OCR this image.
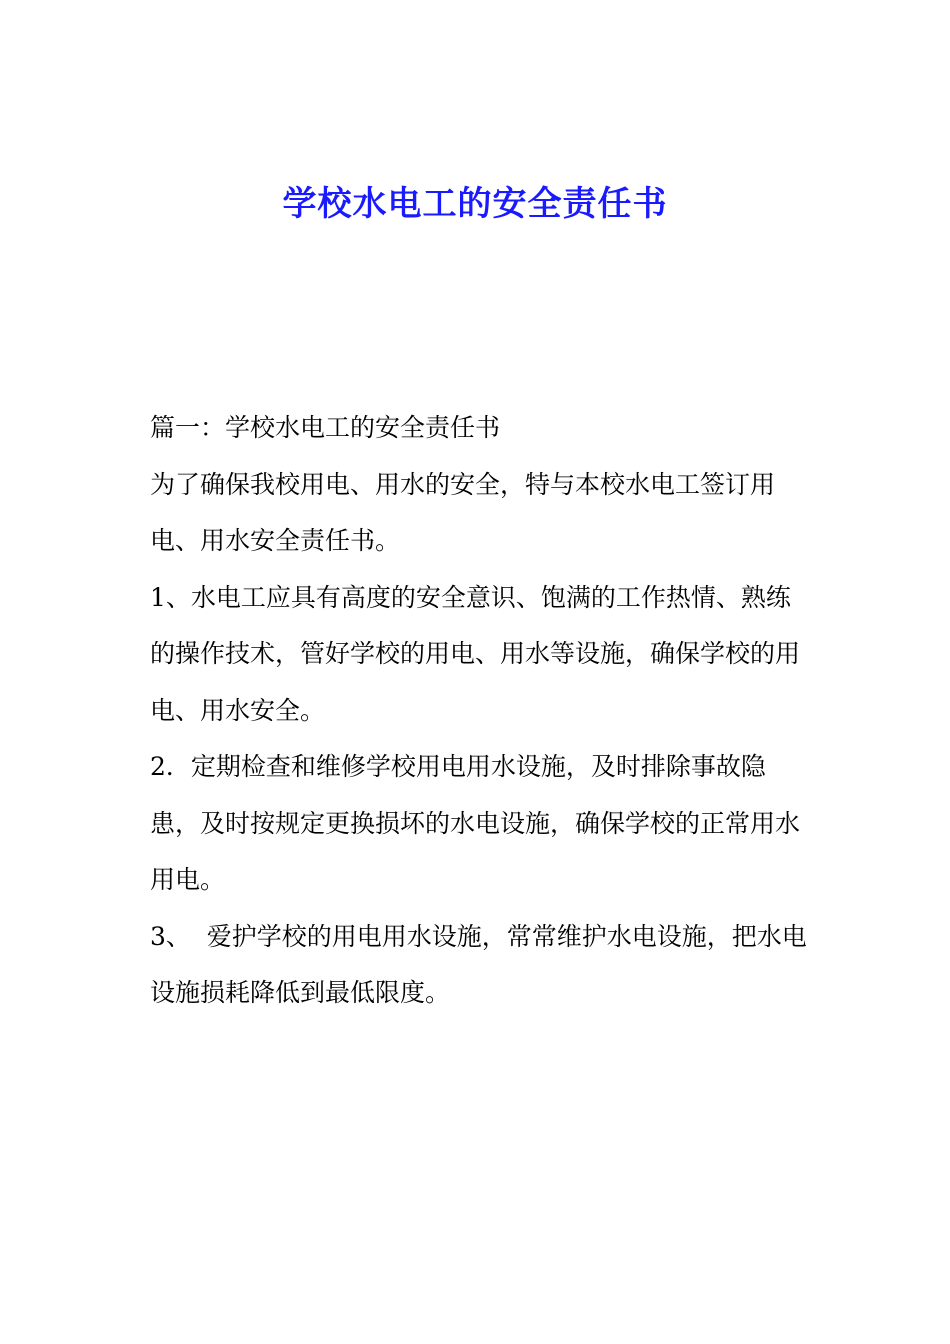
学校水电工的安全责任书

篇一：学校水电工的安全责任书

为了确保我校用电、用水的安全，特与本校水电工签订用电、用水安全责任书。

1、水电工应具有高度的安全意识、饱满的工作热情、熟练的操作技术，管好学校的用电、用水等设施，确保学校的用电、用水安全。

2．定期检查和维修学校用电用水设施，及时排除事故隐患，及时按规定更换损坏的水电设施，确保学校的正常用水用电。

3、  爱护学校的用电用水设施，常常维护水电设施，把水电设施损耗降低到最低限度。
